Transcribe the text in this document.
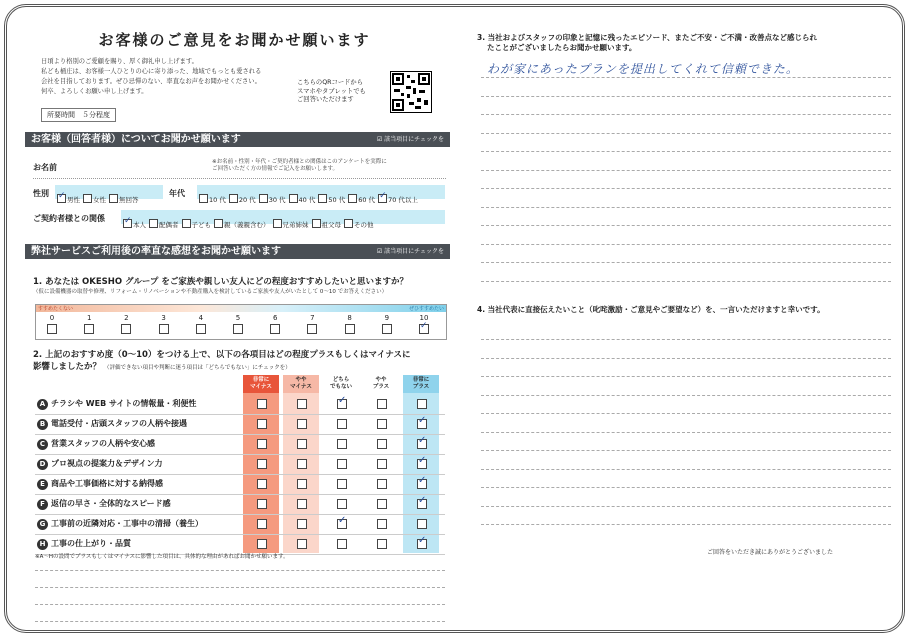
お客様のご意見をお聞かせ願います
日頃より格別のご愛顧を賜り、厚く御礼申し上げます。
私ども桶庄は、お客様一人ひとりの心に寄り添った、地域でもっとも愛される
会社を目指しております。ぜひ忌憚のない、率直なお声をお聞かせください。
何卒、よろしくお願い申し上げます。
所要時間　５分程度
こちらのQRコードから
スマホやタブレットでも
ご回答いただけます
お客様（回答者様）についてお聞かせ願います	☑ 該当項目にチェックを
お名前
※お名前・性別・年代・ご契約者様との関係はこのアンケートを実際に
ご回答いただく方の情報でご記入をお願いします。
性別
✓男性 女性 無回答
年代
10 代 20 代 30 代 40 代 50 代 60 代✓ 70 代以上
ご契約者様との関係
✓本人 配偶者 子ども 親（義親含む） 兄弟姉妹 祖父母 その他
弊社サービスご利用後の率直な感想をお聞かせ願います	☑ 該当項目にチェックを
1. あなたは OKESHO グループ をご家族や親しい友人にどの程度おすすめしたいと思いますか？
（仮に設備機器の取替や修理、リフォーム・リノベーションや不動産購入を検討しているご家族や友人がいたとして 0〜10 でお答えください）
すすめたくない	ぜひすすめたい
0	1	2	3	4	5	6	7	8	9	10
✓
2. 上記のおすすめ度（0〜10）をつける上で、以下の各項目はどの程度プラスもしくはマイナスに
影響しましたか？ （評価できない項目や判断に迷う項目は「どちらでもない」にチェックを）
非常に
マイナス
やや
マイナス
どちら
でもない
やや
プラス
非常に
プラス
A チラシや WEB サイトの情報量・利便性
✓
B 電話受付・店頭スタッフの人柄や接遇
✓
C 営業スタッフの人柄や安心感
✓
D プロ視点の提案力＆デザイン力
✓
E 商品や工事価格に対する納得感
✓
F 返信の早さ・全体的なスピード感
✓
G 工事前の近隣対応・工事中の清掃（養生）
✓
H 工事の仕上がり・品質
✓
※A〜Hの設問でプラスもしくはマイナスに影響した項目は、具体的な理由があればお聞かせ願います。
3. 当社およびスタッフの印象と記憶に残ったエピソード、またご不安・ご不満・改善点など感じられ
たことがございましたらお聞かせ願います。
わが家にあったプランを提出してくれて信頼できた。
4. 当社代表に直接伝えたいこと（叱咤激励・ご意見やご要望など）を、一言いただけますと幸いです。
ご回答をいただき誠にありがとうございました
